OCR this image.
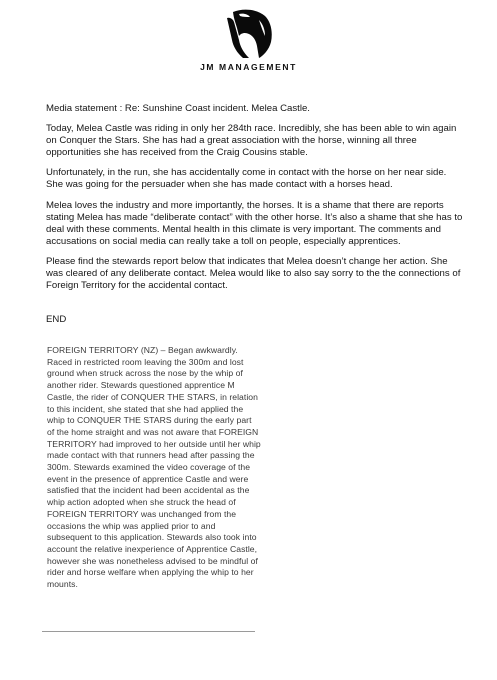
JM MANAGEMENT

Media statement : Re: Sunshine Coast incident. Melea Castle.

Today, Melea Castle was riding in only her 284th race. Incredibly, she has been able to win again on Conquer the Stars. She has had a great association with the horse, winning all three opportunities she has received from the Craig Cousins stable.

Unfortunately, in the run, she has accidentally come in contact with the horse on her near side. She was going for the persuader when she has made contact with a horses head.

Melea loves the industry and more importantly, the horses. It is a shame that there are reports stating Melea has made “deliberate contact” with the other horse. It’s also a shame that she has to deal with these comments. Mental health in this climate is very important. The comments and accusations on social media can really take a toll on people, especially apprentices.

Please find the stewards report below that indicates that Melea doesn’t change her action. She was cleared of any deliberate contact. Melea would like to also say sorry to the the connections of Foreign Territory for the accidental contact.

END

FOREIGN TERRITORY (NZ) – Began awkwardly. Raced in restricted room leaving the 300m and lost ground when struck across the nose by the whip of another rider. Stewards questioned apprentice M Castle, the rider of CONQUER THE STARS, in relation to this incident, she stated that she had applied the whip to CONQUER THE STARS during the early part of the home straight and was not aware that FOREIGN TERRITORY had improved to her outside until her whip made contact with that runners head after passing the 300m. Stewards examined the video coverage of the event in the presence of apprentice Castle and were satisfied that the incident had been accidental as the whip action adopted when she struck the head of FOREIGN TERRITORY was unchanged from the occasions the whip was applied prior to and subsequent to this application. Stewards also took into account the relative inexperience of Apprentice Castle, however she was nonetheless advised to be mindful of rider and horse welfare when applying the whip to her mounts.
